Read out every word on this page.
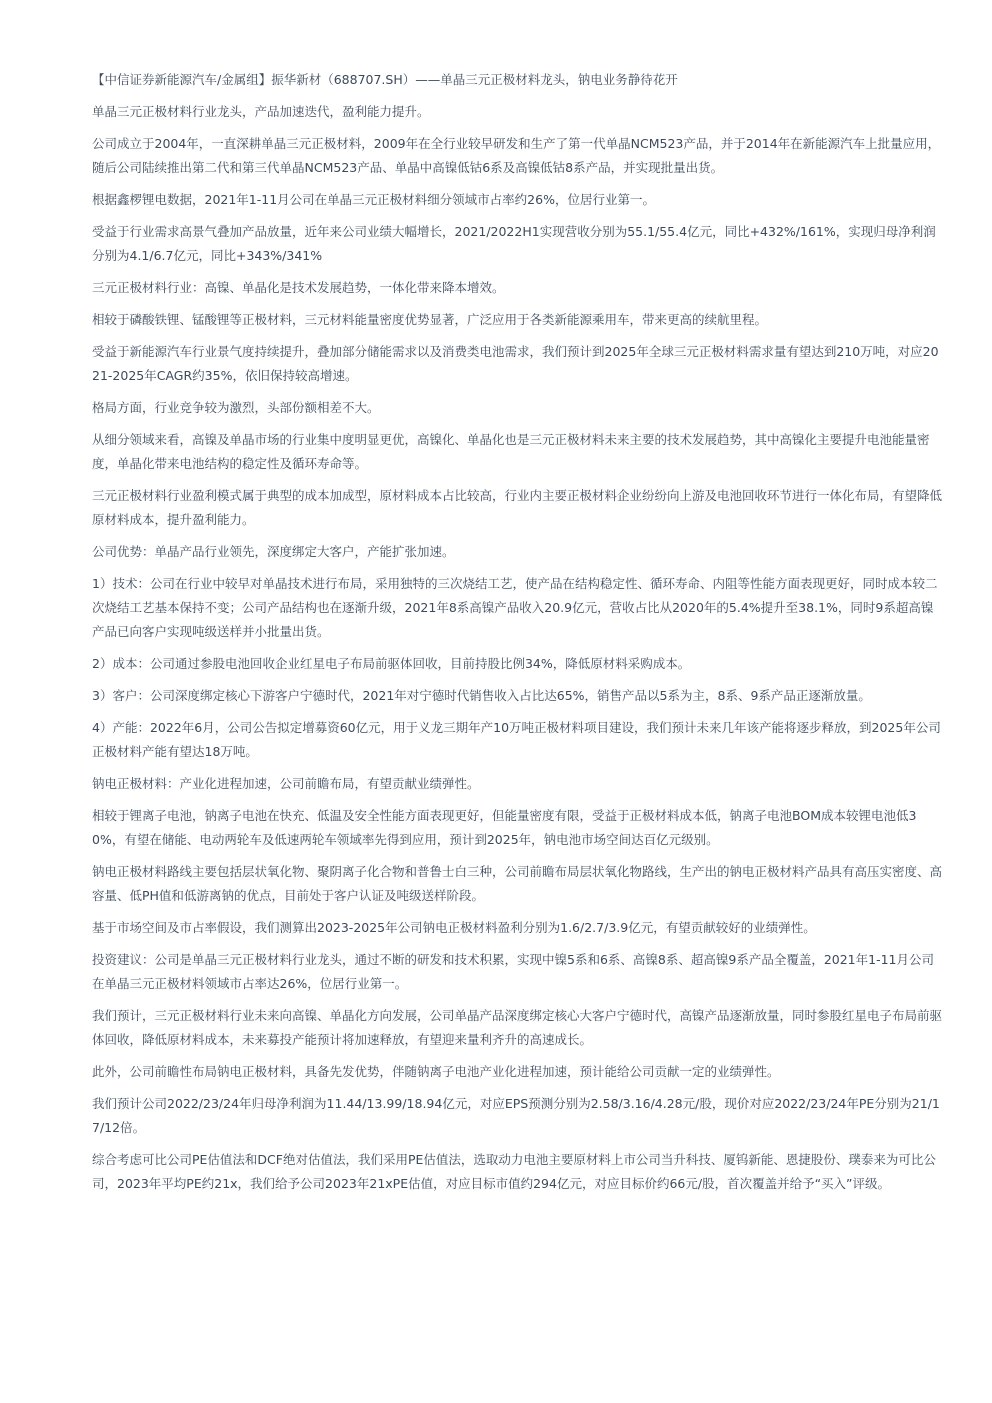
【中信证券新能源汽车/金属组】振华新材（688707.SH）——单晶三元正极材料龙头，钠电业务静待花开

单晶三元正极材料行业龙头，产品加速迭代，盈利能力提升。

公司成立于2004年，一直深耕单晶三元正极材料，2009年在全行业较早研发和生产了第一代单晶NCM523产品，并于2014年在新能源汽车上批量应用，随后公司陆续推出第二代和第三代单晶NCM523产品、单晶中高镍低钴6系及高镍低钴8系产品，并实现批量出货。

根据鑫椤锂电数据，2021年1-11月公司在单晶三元正极材料细分领域市占率约26%，位居行业第一。

受益于行业需求高景气叠加产品放量，近年来公司业绩大幅增长，2021/2022H1实现营收分别为55.1/55.4亿元，同比+432%/161%，实现归母净利润分别为4.1/6.7亿元，同比+343%/341%

三元正极材料行业：高镍、单晶化是技术发展趋势，一体化带来降本增效。

相较于磷酸铁锂、锰酸锂等正极材料，三元材料能量密度优势显著，广泛应用于各类新能源乘用车，带来更高的续航里程。

受益于新能源汽车行业景气度持续提升，叠加部分储能需求以及消费类电池需求，我们预计到2025年全球三元正极材料需求量有望达到210万吨，对应2021-2025年CAGR约35%，依旧保持较高增速。

格局方面，行业竞争较为激烈，头部份额相差不大。

从细分领域来看，高镍及单晶市场的行业集中度明显更优，高镍化、单晶化也是三元正极材料未来主要的技术发展趋势，其中高镍化主要提升电池能量密度，单晶化带来电池结构的稳定性及循环寿命等。

三元正极材料行业盈利模式属于典型的成本加成型，原材料成本占比较高，行业内主要正极材料企业纷纷向上游及电池回收环节进行一体化布局，有望降低原材料成本，提升盈利能力。

公司优势：单晶产品行业领先，深度绑定大客户，产能扩张加速。

1）技术：公司在行业中较早对单晶技术进行布局，采用独特的三次烧结工艺，使产品在结构稳定性、循环寿命、内阻等性能方面表现更好，同时成本较二次烧结工艺基本保持不变；公司产品结构也在逐渐升级，2021年8系高镍产品收入20.9亿元，营收占比从2020年的5.4%提升至38.1%，同时9系超高镍产品已向客户实现吨级送样并小批量出货。

2）成本：公司通过参股电池回收企业红星电子布局前驱体回收，目前持股比例34%，降低原材料采购成本。

3）客户：公司深度绑定核心下游客户宁德时代，2021年对宁德时代销售收入占比达65%，销售产品以5系为主，8系、9系产品正逐渐放量。

4）产能：2022年6月，公司公告拟定增募资60亿元，用于义龙三期年产10万吨正极材料项目建设，我们预计未来几年该产能将逐步释放，到2025年公司正极材料产能有望达18万吨。

钠电正极材料：产业化进程加速，公司前瞻布局，有望贡献业绩弹性。

相较于锂离子电池，钠离子电池在快充、低温及安全性能方面表现更好，但能量密度有限，受益于正极材料成本低，钠离子电池BOM成本较锂电池低30%，有望在储能、电动两轮车及低速两轮车领域率先得到应用，预计到2025年，钠电池市场空间达百亿元级别。

钠电正极材料路线主要包括层状氧化物、聚阴离子化合物和普鲁士白三种，公司前瞻布局层状氧化物路线，生产出的钠电正极材料产品具有高压实密度、高容量、低PH值和低游离钠的优点，目前处于客户认证及吨级送样阶段。

基于市场空间及市占率假设，我们测算出2023-2025年公司钠电正极材料盈利分别为1.6/2.7/3.9亿元，有望贡献较好的业绩弹性。

投资建议：公司是单晶三元正极材料行业龙头，通过不断的研发和技术积累，实现中镍5系和6系、高镍8系、超高镍9系产品全覆盖，2021年1-11月公司在单晶三元正极材料领域市占率达26%，位居行业第一。

我们预计，三元正极材料行业未来向高镍、单晶化方向发展，公司单晶产品深度绑定核心大客户宁德时代，高镍产品逐渐放量，同时参股红星电子布局前驱体回收，降低原材料成本，未来募投产能预计将加速释放，有望迎来量利齐升的高速成长。

此外，公司前瞻性布局钠电正极材料，具备先发优势，伴随钠离子电池产业化进程加速，预计能给公司贡献一定的业绩弹性。

我们预计公司2022/23/24年归母净利润为11.44/13.99/18.94亿元，对应EPS预测分别为2.58/3.16/4.28元/股，现价对应2022/23/24年PE分别为21/17/12倍。

综合考虑可比公司PE估值法和DCF绝对估值法，我们采用PE估值法，选取动力电池主要原材料上市公司当升科技、厦钨新能、恩捷股份、璞泰来为可比公司，2023年平均PE约21x，我们给予公司2023年21xPE估值，对应目标市值约294亿元，对应目标价约66元/股，首次覆盖并给予“买入”评级。
